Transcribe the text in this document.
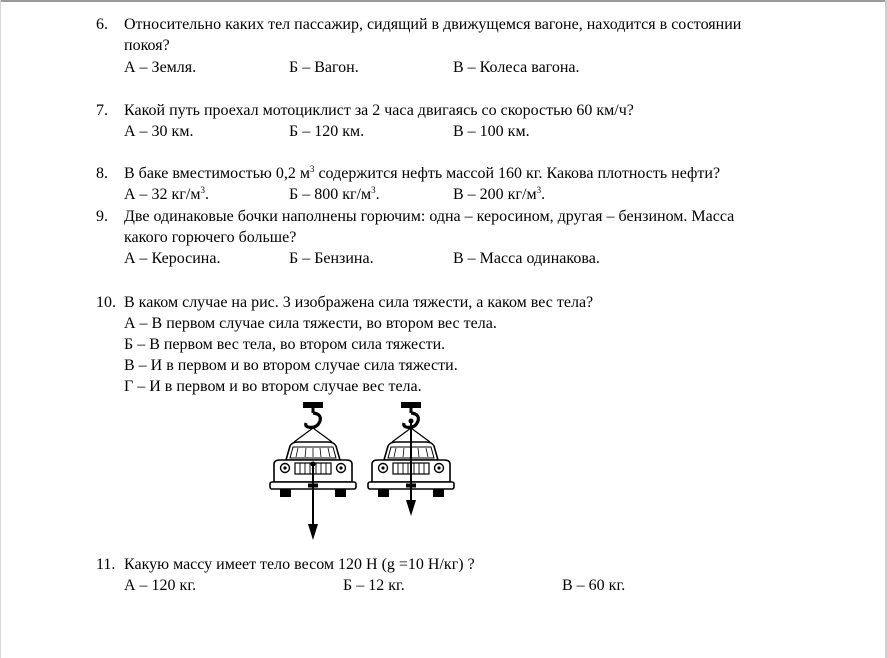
6. Относительно каких тел пассажир, сидящий в движущемся вагоне, находится в состоянии
покоя?
А – Земля.	Б – Вагон.	В – Колеса вагона.
7. Какой путь проехал мотоциклист за 2 часа двигаясь со скоростью 60 км/ч?
А – 30 км.	Б – 120 км.	В – 100 км.
8. В баке вместимостью 0,2 $м^3$ содержится нефть массой 160 кг. Какова плотность нефти?
А – 32 $кг/м^3$.	Б – 800 $кг/м^3$.	В – 200 $кг/м^3$.
9. Две одинаковые бочки наполнены горючим: одна – керосином, другая – бензином. Масса
какого горючего больше?
А – Керосина.	Б – Бензина.	В – Масса одинакова.
10. В каком случае на рис. 3 изображена сила тяжести, а каком вес тела?
А – В первом случае сила тяжести, во втором вес тела.
Б – В первом вес тела, во втором сила тяжести.
В – И в первом и во втором случае сила тяжести.
Г – И в первом и во втором случае вес тела.
11. Какую массу имеет тело весом 120 Н (g =10 Н/кг) ?
А – 120 кг.	Б – 12 кг.	В – 60 кг.
